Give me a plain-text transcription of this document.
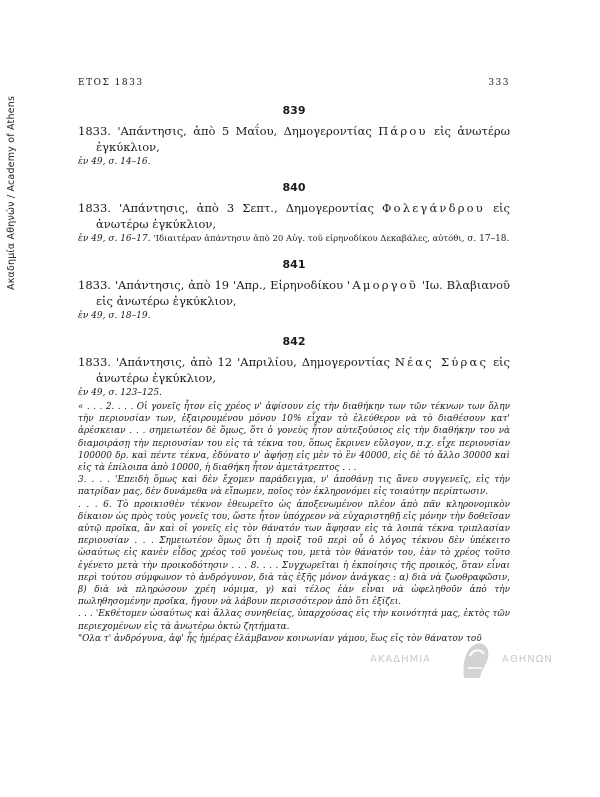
Ακαδημία Αθηνών / Academy of Athens
ΕΤΟΣ 1833	333
839
1833. 'Απάντησις, ἀπὸ 5 Μαΐου, Δημογεροντίας Πάρου εἰς ἀνωτέρω ἐγκύκλιον,
ἐν 49, σ. 14–16.
840
1833. 'Απάντησις, ἀπὸ 3 Σεπτ., Δημογεροντίας Φολεγάνδρου εἰς ἀνωτέρω ἐγκύκλιον,
ἐν 49, σ. 16–17. 'Ιδιαιτέραν ἀπάντησιν ἀπὸ 20 Αὐγ. τοῦ εἰρηνοδίκου Δεκαβάλες, αὐτόθι, σ. 17–18.
841
1833. 'Απάντησις, ἀπὸ 19 'Απρ., Εἰρηνοδίκου 'Αμοργοῦ 'Ιω. Βλαβιανοῦ εἰς ἀνωτέρω ἐγκύκλιον,
ἐν 49, σ. 18–19.
842
1833. 'Απάντησις, ἀπὸ 12 'Απριλίου, Δημογεροντίας Νέας Σύρας εἰς ἀνωτέρω ἐγκύκλιον,
ἐν 49, σ. 123–125.

« . . . 2. . . . Οἱ γονεῖς ἦτον εἰς χρέος ν' ἀφίσουν εἰς τὴν διαθήκην των τῶν τέκνων των ὅλην τὴν περιουσίαν των, ἐξαιρουμένου μόνου 10% εἶχαν τὸ ἐλεύθερον νὰ τὸ διαθέσουν κατ' ἀρέσκειαν . . . σημειωτέον δὲ ὅμως, ὅτι ὁ γονεὺς ἦτον αὐτεξούσιος εἰς τὴν διαθήκην του νὰ διαμοιράσῃ τὴν περιουσίαν του εἰς τὰ τέκνα του, ὅπως ἔκρινεν εὔλογον, π.χ. εἶχε περιουσίαν 100000 δρ. καὶ πέντε τέκνα, ἐδύνατο ν' ἀφήσῃ εἰς μὲν τὸ ἓν 40000, εἰς δὲ τὸ ἄλλο 30000 καὶ εἰς τὰ ἐπίλοιπα ἀπὸ 10000, ἡ διαθήκη ἦτον ἀμετάτρεπτος . . .

3. . . . 'Επειδὴ ὅμως καὶ δὲν ἔχομεν παράδειγμα, ν' ἀποθάνῃ τις ἄνευ συγγενεῖς, εἰς τὴν πατρίδαν μας, δὲν δυνάμεθα νὰ εἴπωμεν, ποῖος τὸν ἐκληρονόμει εἰς τοιαύτην περίπτωσιν.

. . . 6. Τὸ προικισθὲν τέκνον ἐθεωρεῖτο ὡς ἀποξενωμένον πλέον ἀπὸ πᾶν κληρονομικὸν δίκαιον ὡς πρὸς τοὺς γονεῖς του, ὥστε ἦτον ὑπόχρεον νὰ εὐχαριστηθῇ εἰς μόνην τὴν δοθεῖσαν αὐτῷ προῖκα, ἂν καὶ οἱ γονεῖς εἰς τὸν θάνατόν των ἄφησαν εἰς τὰ λοιπὰ τέκνα τριπλασίαν περιουσίαν . . . Σημειωτέον ὅμως ὅτι ἡ προὶξ τοῦ περὶ οὗ ὁ λόγος τέκνου δὲν ὑπέκειτο ὡσαύτως εἰς κανὲν εἶδος χρέος τοῦ γονέως του, μετὰ τὸν θάνατόν του, ἐὰν τὸ χρέος τοῦτο ἐγένετο μετὰ τὴν προικοδότησιν . . . 8. . . . Συγχωρεῖται ἡ ἐκποίησις τῆς προικός, ὅταν εἶναι περὶ τούτου σύμφωνον τὸ ἀνδρόγυνον, διὰ τὰς ἑξῆς μόνον ἀνάγκας : α) διὰ νὰ ζωοθραφῶσιν, β) διὰ νὰ πληρώσουν χρέη νόμιμα, γ) καὶ τέλος ἐὰν εἶναι νὰ ὠφεληθοῦν ἀπὸ τὴν πωληθησομένην προῖκα, ἤγουν νὰ λάβουν περισσότερον ἀπὸ ὅτι ἐξίζει.

. . . 'Εκθέτομεν ὡσαύτως καὶ ἄλλας συνηθείας, ὑπαρχούσας εἰς τὴν κοινότητά μας, ἐκτὸς τῶν περιεχομένων εἰς τὰ ἀνωτέρω ὀκτὼ ζητήματα.

"Ολα τ' ἀνδρόγυνα, ἀφ' ἧς ἡμέρας ἐλάμβανον κοινωνίαν γάμου, ἕως εἰς τὸν θάνατον τοῦ

ΑΚΑΔΗΜΙΑ	ΑΘΗΝΩΝ
